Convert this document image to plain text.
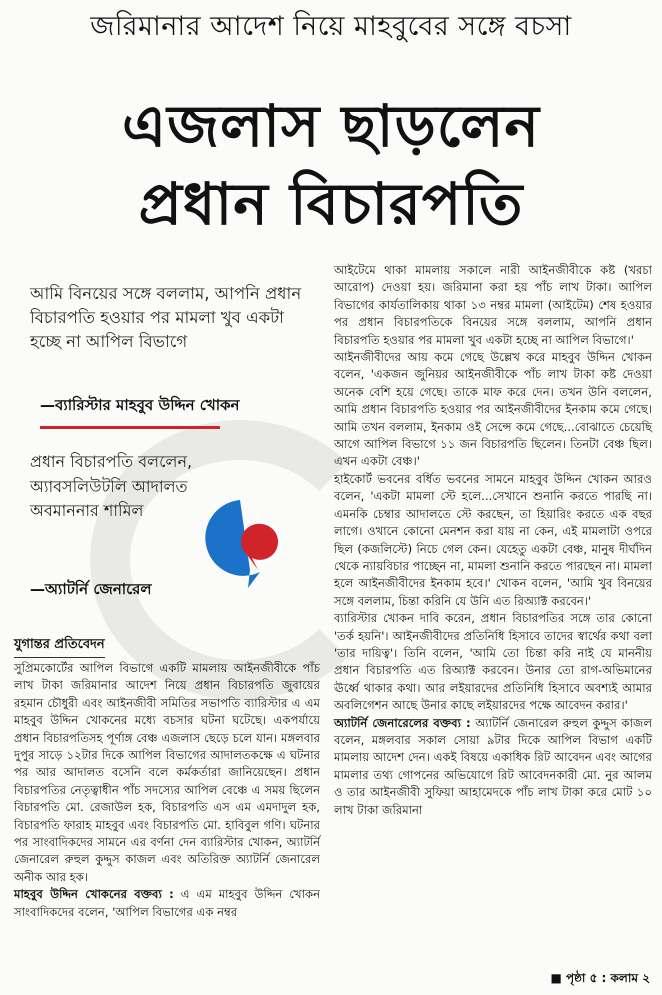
জরিমানার আদেশ নিয়ে মাহবুবের সঙ্গে বচসা
এজলাস ছাড়লেন
প্রধান বিচারপতি
আমি বিনয়ের সঙ্গে বললাম, আপনি প্রধান বিচারপতি হওয়ার পর মামলা খুব একটা হচ্ছে না আপিল বিভাগে
—ব্যারিস্টার মাহবুব উদ্দিন খোকন
প্রধান বিচারপতি বললেন, অ্যাবসলিউটলি আদালত অবমাননার শামিল
—অ্যাটর্নি জেনারেল
যুগান্তর প্রতিবেদন

সুপ্রিমকোর্টের আপিল বিভাগে একটি মামলায় আইনজীবীকে পাঁচ লাখ টাকা জরিমানার আদেশ নিয়ে প্রধান বিচারপতি জুবায়ের রহমান চৌধুরী এবং আইনজীবী সমিতির সভাপতি ব্যারিস্টার এ এম মাহবুব উদ্দিন খোকনের মধ্যে বচসার ঘটনা ঘটেছে। একপর্যায়ে প্রধান বিচারপতিসহ পূর্ণাঙ্গ বেঞ্চ এজলাস ছেড়ে চলে যান। মঙ্গলবার দুপুর সাড়ে ১২টার দিকে আপিল বিভাগের আদালতকক্ষে এ ঘটনার পর আর আদালত বসেনি বলে কর্মকর্তারা জানিয়েছেন। প্রধান বিচারপতির নেতৃত্বাধীন পাঁচ সদস্যের আপিল বেঞ্চে এ সময় ছিলেন বিচারপতি মো. রেজাউল হক, বিচারপতি এস এম এমদাদুল হক, বিচারপতি ফারাহ মাহবুব এবং বিচারপতি মো. হাবিবুল গণি। ঘটনার পর সাংবাদিকদের সামনে এর বর্ণনা দেন ব্যারিস্টার খোকন, অ্যাটর্নি জেনারেল রুহুল কুদ্দুস কাজল এবং অতিরিক্ত অ্যাটর্নি জেনারেল অনীক আর হক।

মাহবুব উদ্দিন খোকনের বক্তব্য : এ এম মাহবুব উদ্দিন খোকন সাংবাদিকদের বলেন, 'আপিল বিভাগের এক নম্বর

আইটেমে থাকা মামলায় সকালে নারী আইনজীবীকে কষ্ট (খরচা আরোপ) দেওয়া হয়। জরিমানা করা হয় পাঁচ লাখ টাকা। আপিল বিভাগের কার্যতালিকায় থাকা ১৩ নম্বর মামলা (আইটেম) শেষ হওয়ার পর প্রধান বিচারপতিকে বিনয়ের সঙ্গে বললাম, আপনি প্রধান বিচারপতি হওয়ার পর মামলা খুব একটা হচ্ছে না আপিল বিভাগে।'

আইনজীবীদের আয় কমে গেছে উল্লেখ করে মাহবুব উদ্দিন খোকন বলেন, 'একজন জুনিয়র আইনজীবীকে পাঁচ লাখ টাকা কষ্ট দেওয়া অনেক বেশি হয়ে গেছে। তাকে মাফ করে দেন। তখন উনি বললেন, আমি প্রধান বিচারপতি হওয়ার পর আইনজীবীদের ইনকাম কমে গেছে। আমি তখন বললাম, ইনকাম ওই সেন্সে কমে গেছে...বোঝাতে চেয়েছি আগে আপিল বিভাগে ১১ জন বিচারপতি ছিলেন। তিনটা বেঞ্চ ছিল। এখন একটা বেঞ্চ।'

হাইকোর্ট ভবনের বর্ধিত ভবনের সামনে মাহবুব উদ্দিন খোকন আরও বলেন, 'একটা মামলা স্টে হলে...সেখানে শুনানি করতে পারছি না। এমনকি চেম্বার আদালতে স্টে করছেন, তা হিয়ারিং করতে এক বছর লাগে। ওখানে কোনো মেনশন করা যায় না কেন, এই মামলাটা ওপরে ছিল (কজলিস্টে) নিচে গেল কেন। যেহেতু একটা বেঞ্চ, মানুষ দীর্ঘদিন থেকে ন্যায়বিচার পাচ্ছেন না, মামলা শুনানি করতে পারছেন না। মামলা হলে আইনজীবীদের ইনকাম হবে।' খোকন বলেন, 'আমি খুব বিনয়ের সঙ্গে বললাম, চিন্তা করিনি যে উনি এত রিঅ্যাক্ট করবেন।'

ব্যারিস্টার খোকন দাবি করেন, প্রধান বিচারপতির সঙ্গে তার কোনো 'তর্ক হয়নি'। আইনজীবীদের প্রতিনিধি হিসাবে তাদের স্বার্থের কথা বলা 'তার দায়িত্ব'। তিনি বলেন, 'আমি তো চিন্তা করি নাই যে মাননীয় প্রধান বিচারপতি এত রিঅ্যাক্ট করবেন। উনার তো রাগ-অভিমানের ঊর্ধ্বে থাকার কথা। আর লইয়ারদের প্রতিনিধি হিসাবে অবশ্যই আমার অবলিগেশন আছে উনার কাছে লইয়ারদের পক্ষে আবেদন করার।'

অ্যাটর্নি জেনারেলের বক্তব্য : অ্যাটর্নি জেনারেল রুহুল কুদ্দুস কাজল বলেন, মঙ্গলবার সকাল সোয়া ৯টার দিকে আপিল বিভাগ একটি মামলায় আদেশ দেন। একই বিষয়ে একাধিক রিট আবেদন এবং আগের মামলার তথ্য গোপনের অভিযোগে রিট আবেদনকারী মো. নুর আলম ও তার আইনজীবী সুফিয়া আহামেদকে পাঁচ লাখ টাকা করে মোট ১০ লাখ টাকা জরিমানা

■ পৃষ্ঠা ৫ : কলাম ২
